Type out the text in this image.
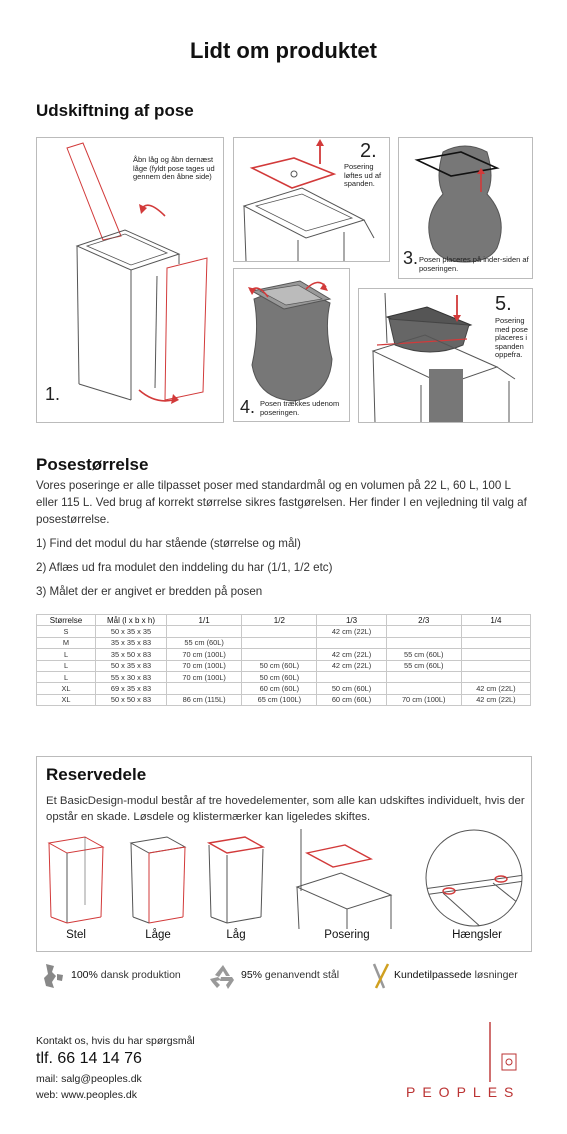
Lidt om produktet
Udskiftning af pose
Åbn låg og åbn dernæst låge (fyldt pose tages ud gennem den åbne side)
1.
2.
Posering løftes ud af spanden.
3. Posen placeres på inder-siden af poseringen.
4. Posen trækkes udenom poseringen.
5.
Posering med pose placeres i spanden oppefra.
Posestørrelse

Vores poseringe er alle tilpasset poser med standardmål og en volumen på 22 L, 60 L, 100 L eller 115 L. Ved brug af korrekt størrelse sikres fastgørelsen. Her finder I en vejledning til valg af posestørrelse.

1) Find det modul du har stående (størrelse og mål)
2) Aflæs ud fra modulet den inddeling du har (1/1, 1/2 etc)
3) Målet der er angivet er bredden på posen
Størrelse	Mål (l x b x h)	1/1	1/2	1/3	2/3	1/4
S	50 x 35 x 35			42 cm (22L)		
M	35 x 35 x 83	55 cm (60L)				
L	35 x 50 x 83	70 cm (100L)		42 cm (22L)	55 cm (60L)	
L	50 x 35 x 83	70 cm (100L)	50 cm (60L)	42 cm (22L)	55 cm (60L)	
L	55 x 30 x 83	70 cm (100L)	50 cm (60L)			
XL	69 x 35 x 83		60 cm (60L)	50 cm (60L)		42 cm (22L)
XL	50 x 50 x 83	86 cm (115L)	65 cm (100L)	60 cm (60L)	70 cm (100L)	42 cm (22L)
Reservedele

Et BasicDesign-modul består af tre hovedelementer, som alle kan udskiftes individuelt, hvis der opstår en skade. Løsdele og klistermærker kan ligeledes skiftes.

Stel	Låge	Låg	Posering	Hængsler
100% dansk produktion	95% genanvendt stål	Kundetilpassede løsninger
Kontakt os, hvis du har spørgsmål
tlf. 66 14 14 76
mail: salg@peoples.dk
web: www.peoples.dk	PEOPLES
